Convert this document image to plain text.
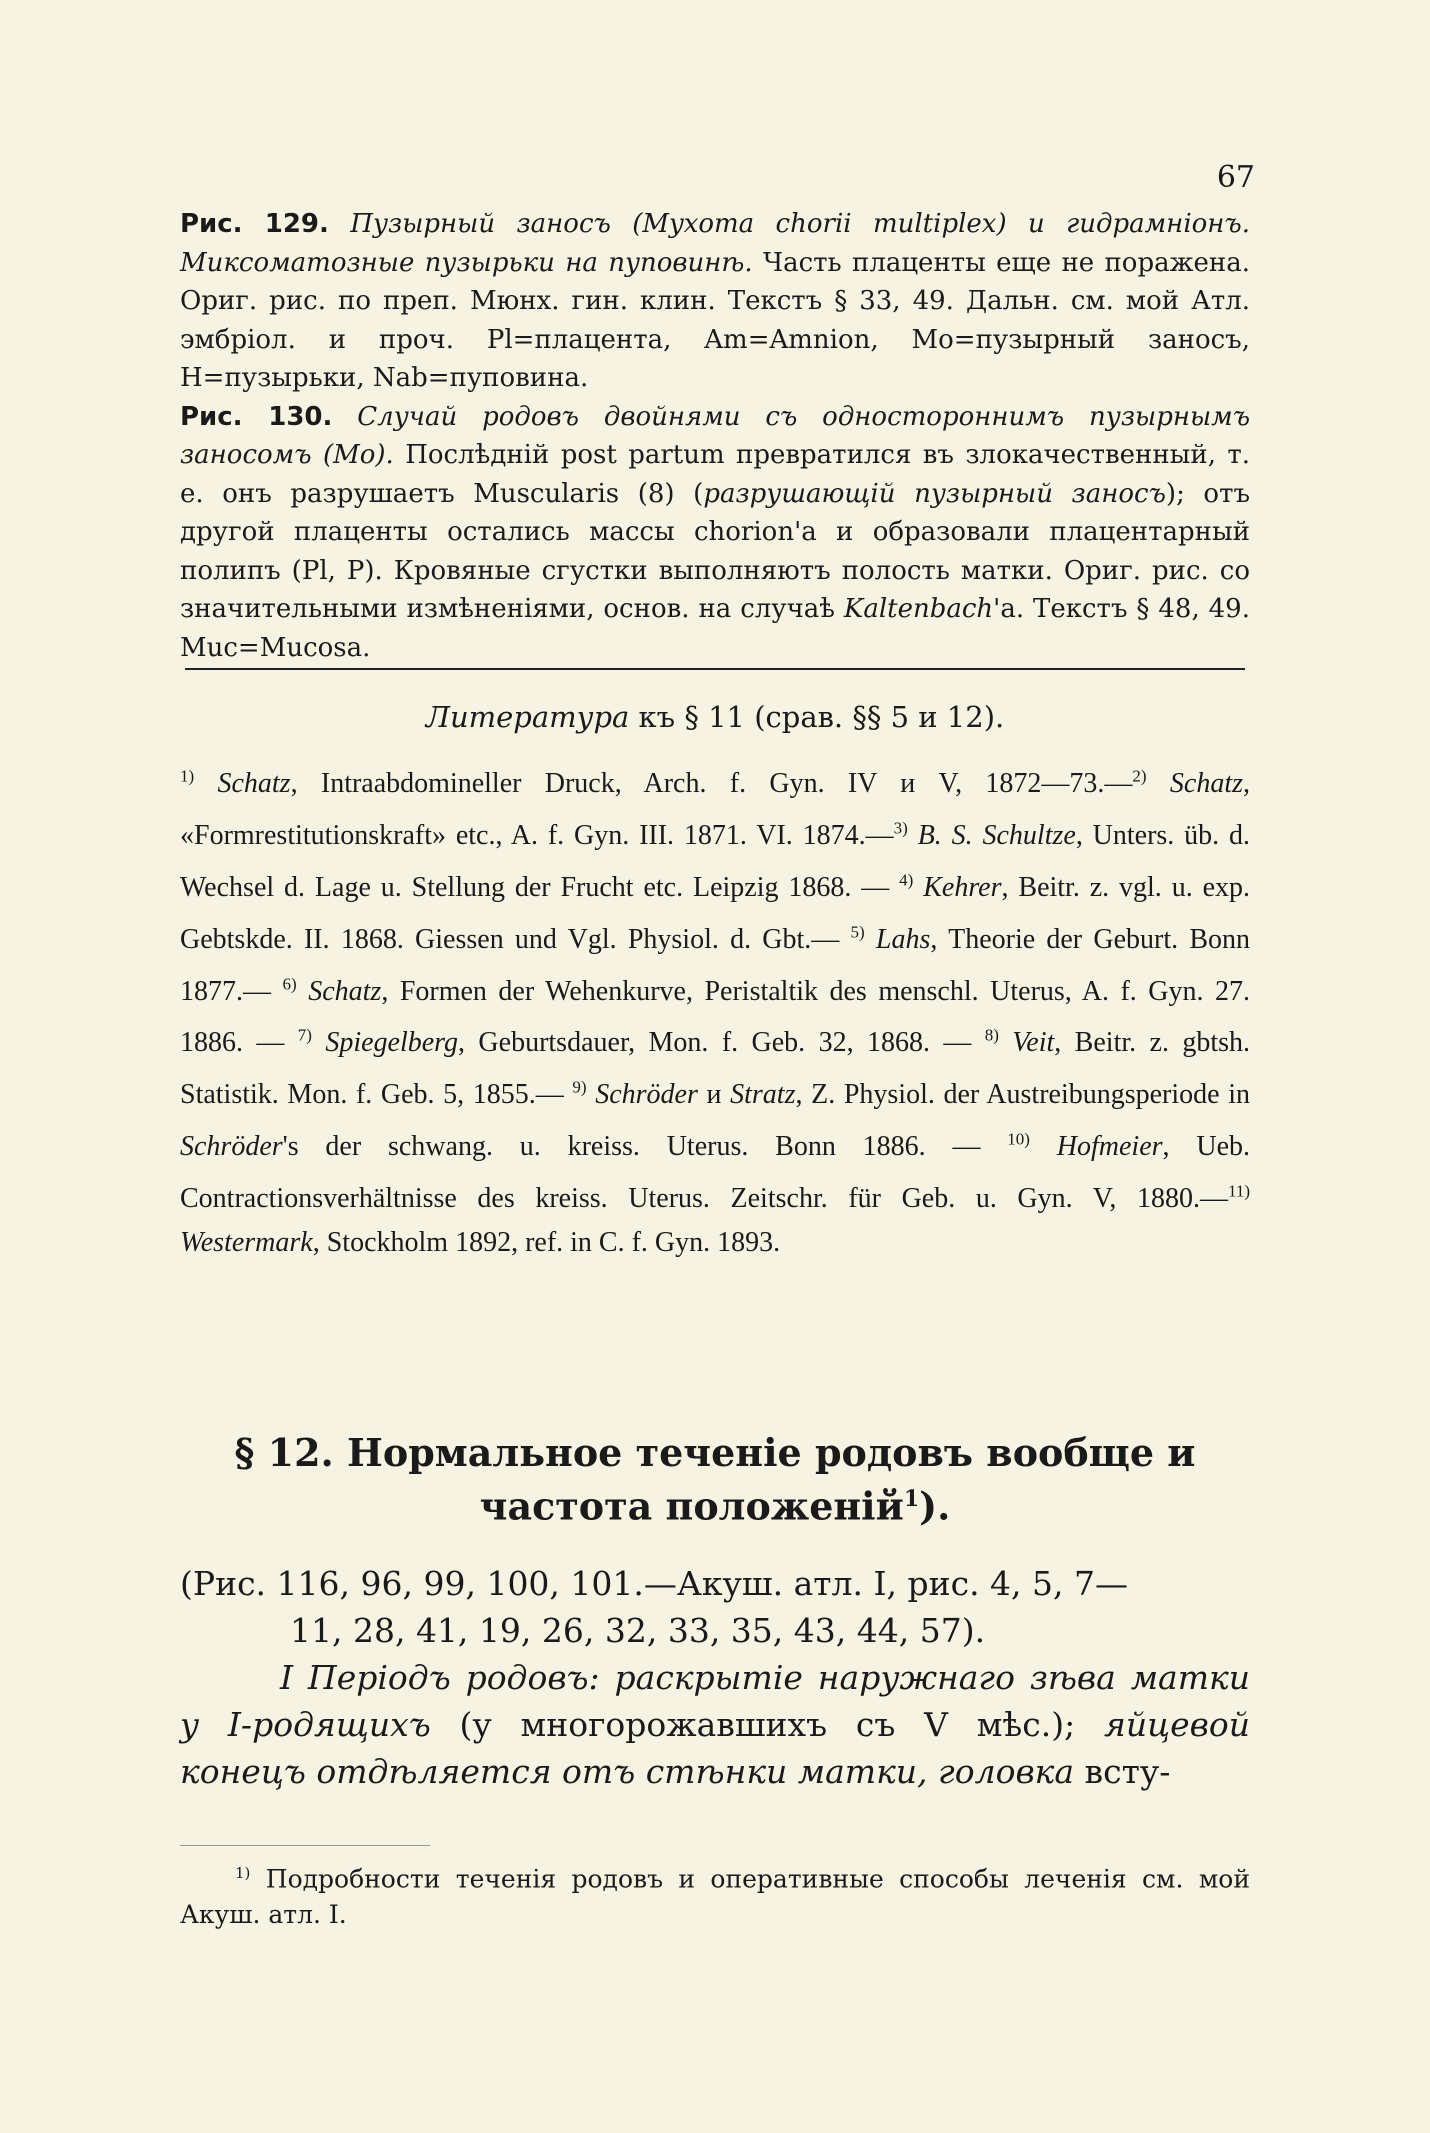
67

Рис. 129. Пузырный заносъ (Myxoma chorii multiplex) и гидрамніонъ. Миксоматозные пузырьки на пуповинѣ. Часть плаценты еще не поражена. Ориг. рис. по преп. Мюнх. гин. клин. Текстъ § 33, 49. Дальн. см. мой Атл. эмбріол. и проч. Pl=плацента, Am=Amnion, Mo=пузырный заносъ, H=пузырьки, Nab=пуповина.

Рис. 130. Случай родовъ двойнями съ одностороннимъ пузырнымъ заносомъ (Mo). Послѣдній post partum превратился въ злокачественный, т. е. онъ разрушаетъ Muscularis (8) (разрушающій пузырный заносъ); отъ другой плаценты остались массы chorion'а и образовали плацентарный полипъ (Pl, P). Кровяные сгустки выполняютъ полость матки. Ориг. рис. со значительными измѣненіями, основ. на случаѣ Kaltenbach'а. Текстъ § 48, 49. Muc=Mucosa.

Литература къ § 11 (срав. §§ 5 и 12).
$^{1)}$ Schatz, Intraabdomineller Druck, Arch. f. Gyn. IV и V, 1872—73.—$^{2)}$ Schatz, «Formrestitutionskraft» etc., A. f. Gyn. III. 1871. VI. 1874.—$^{3)}$ B. S. Schultze, Unters. üb. d. Wechsel d. Lage u. Stellung der Frucht etc. Leipzig 1868. — $^{4)}$ Kehrer, Beitr. z. vgl. u. exp. Gebtskde. II. 1868. Giessen und Vgl. Physiol. d. Gbt.— $^{5)}$ Lahs, Theorie der Geburt. Bonn 1877.— $^{6)}$ Schatz, Formen der Wehenkurve, Peristaltik des menschl. Uterus, A. f. Gyn. 27. 1886. — $^{7)}$ Spiegelberg, Geburtsdauer, Mon. f. Geb. 32, 1868. — $^{8)}$ Veit, Beitr. z. gbtsh. Statistik. Mon. f. Geb. 5, 1855.— $^{9)}$ Schröder и Stratz, Z. Physiol. der Austreibungsperiode in Schröder's der schwang. u. kreiss. Uterus. Bonn 1886. — $^{10)}$ Hofmeier, Ueb. Contractionsverhältnisse des kreiss. Uterus. Zeitschr. für Geb. u. Gyn. V, 1880.—$^{11)}$ Westermark, Stockholm 1892, ref. in C. f. Gyn. 1893.
§ 12. Нормальное теченіе родовъ вообще и частота положеній$^1$).

(Рис. 116, 96, 99, 100, 101.—Акуш. атл. I, рис. 4, 5, 7—

11, 28, 41, 19, 26, 32, 33, 35, 43, 44, 57).

I Періодъ родовъ: раскрытіе наружнаго зѣва матки у I-родящихъ (у многорожавшихъ съ V мѣс.); яйцевой конецъ отдѣляется отъ стѣнки матки, головка всту-

$^{1)}$ Подробности теченія родовъ и оперативные способы леченія см. мой Акуш. атл. I.
